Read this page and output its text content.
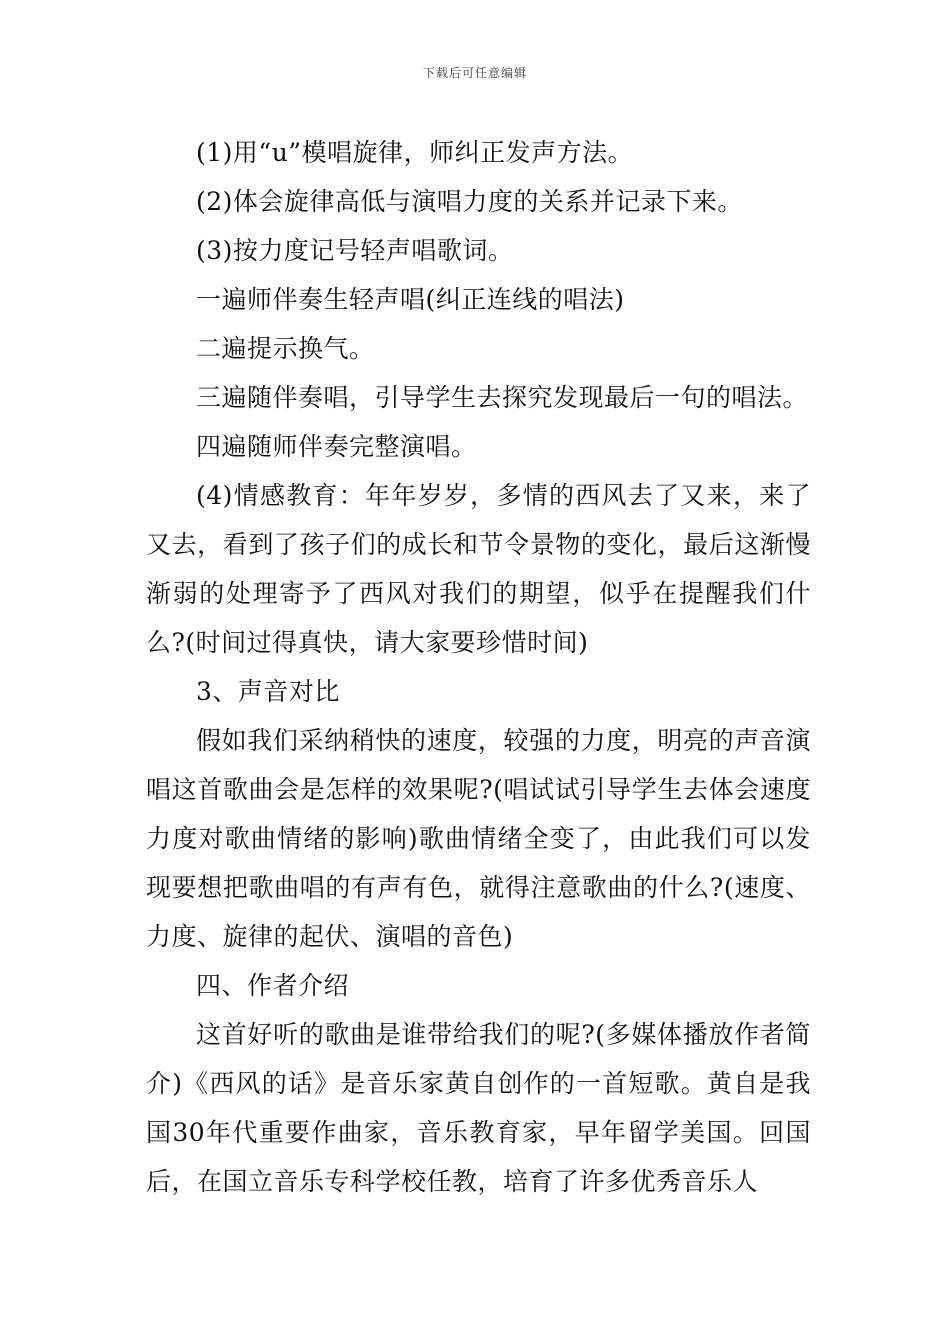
下载后可任意编辑

(1)用“u”模唱旋律，师纠正发声方法。

(2)体会旋律高低与演唱力度的关系并记录下来。

(3)按力度记号轻声唱歌词。

一遍师伴奏生轻声唱(纠正连线的唱法)

二遍提示换气。

三遍随伴奏唱，引导学生去探究发现最后一句的唱法。

四遍随师伴奏完整演唱。

(4)情感教育：年年岁岁，多情的西风去了又来，来了又去，看到了孩子们的成长和节令景物的变化，最后这渐慢渐弱的处理寄予了西风对我们的期望，似乎在提醒我们什么?(时间过得真快，请大家要珍惜时间)

3、声音对比

假如我们采纳稍快的速度，较强的力度，明亮的声音演唱这首歌曲会是怎样的效果呢?(唱试试引导学生去体会速度力度对歌曲情绪的影响)歌曲情绪全变了，由此我们可以发现要想把歌曲唱的有声有色，就得注意歌曲的什么?(速度、力度、旋律的起伏、演唱的音色)

四、作者介绍

这首好听的歌曲是谁带给我们的呢?(多媒体播放作者简介)《西风的话》是音乐家黄自创作的一首短歌。黄自是我国30年代重要作曲家，音乐教育家，早年留学美国。回国后，在国立音乐专科学校任教，培育了许多优秀音乐人
